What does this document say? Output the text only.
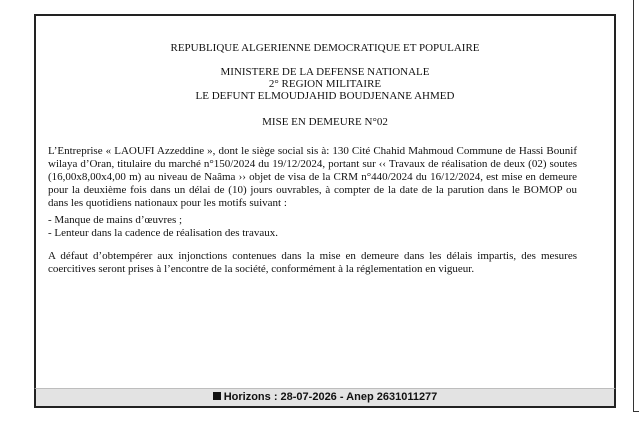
REPUBLIQUE ALGERIENNE DEMOCRATIQUE ET POPULAIRE
MINISTERE DE LA DEFENSE NATIONALE
2° REGION MILITAIRE
LE DEFUNT ELMOUDJAHID BOUDJENANE AHMED
MISE EN DEMEURE N°02

L’Entreprise « LAOUFI Azzeddine », dont le siège social sis à: 130 Cité Chahid Mahmoud Commune de Hassi Bounif wilaya d’Oran, titulaire du marché n°150/2024 du 19/12/2024, portant sur ‹‹ Travaux de réalisation de deux (02) soutes (16,00x8,00x4,00 m) au niveau de Naâma ›› objet de visa de la CRM n°440/2024 du 16/12/2024, est mise en demeure pour la deuxième fois dans un délai de (10) jours ouvrables, à compter de la date de la parution dans le BOMOP ou dans les quotidiens nationaux pour les motifs suivant :

- Manque de mains d’œuvres ;

- Lenteur dans la cadence de réalisation des travaux.

A défaut d’obtempérer aux injonctions contenues dans la mise en demeure dans les délais impartis, des mesures coercitives seront prises à l’encontre de la société, conformément à la réglementation en vigueur.

Horizons : 28-07-2026 - Anep 2631011277
